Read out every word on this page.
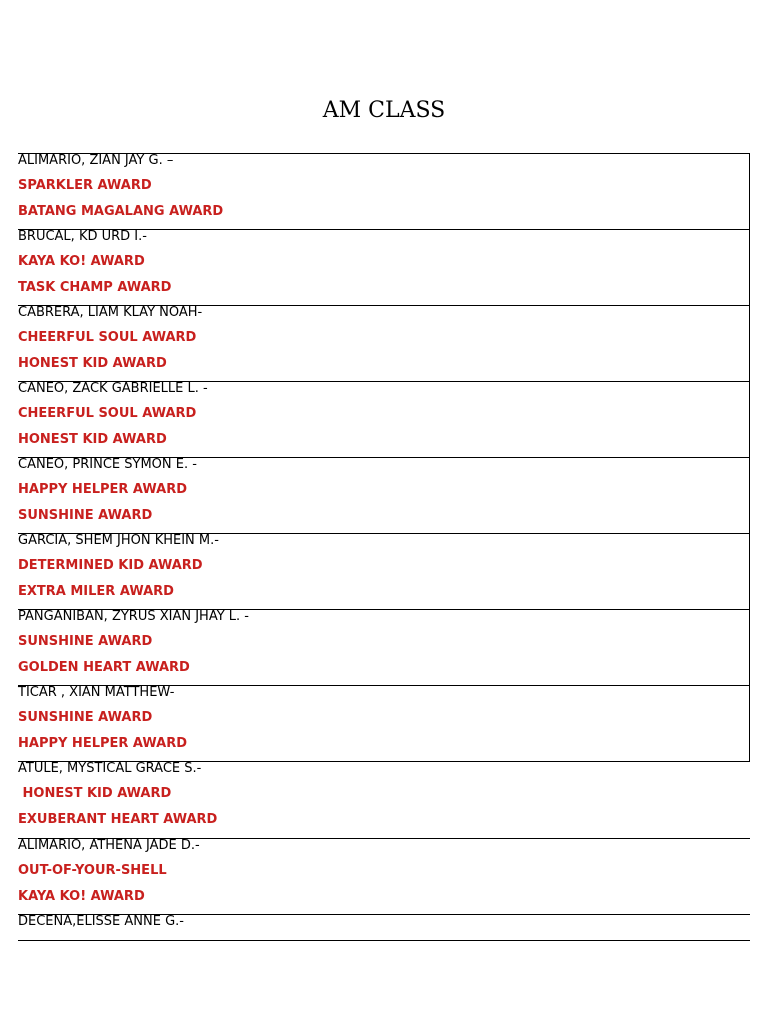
AM CLASS
ALIMARIO, ZIAN JAY G. –
SPARKLER AWARD
BATANG MAGALANG AWARD
BRUCAL, KD URD I.-
KAYA KO! AWARD
TASK CHAMP AWARD
CABRERA, LIAM KLAY NOAH-
CHEERFUL SOUL AWARD
HONEST KID AWARD
CANEO, ZACK GABRIELLE L. -
CHEERFUL SOUL AWARD
HONEST KID AWARD
CANEO, PRINCE SYMON E. -
HAPPY HELPER AWARD
SUNSHINE AWARD
GARCIA, SHEM JHON KHEIN M.-
DETERMINED KID AWARD
EXTRA MILER AWARD
PANGANIBAN, ZYRUS XIAN JHAY L. -
SUNSHINE AWARD
GOLDEN HEART AWARD
TICAR , XIAN MATTHEW-
SUNSHINE AWARD
HAPPY HELPER AWARD
ATULE, MYSTICAL GRACE S.-
HONEST KID AWARD
EXUBERANT HEART AWARD
ALIMARIO, ATHENA JADE D.-
OUT-OF-YOUR-SHELL
KAYA KO! AWARD
DECENA,ELISSE ANNE G.-
